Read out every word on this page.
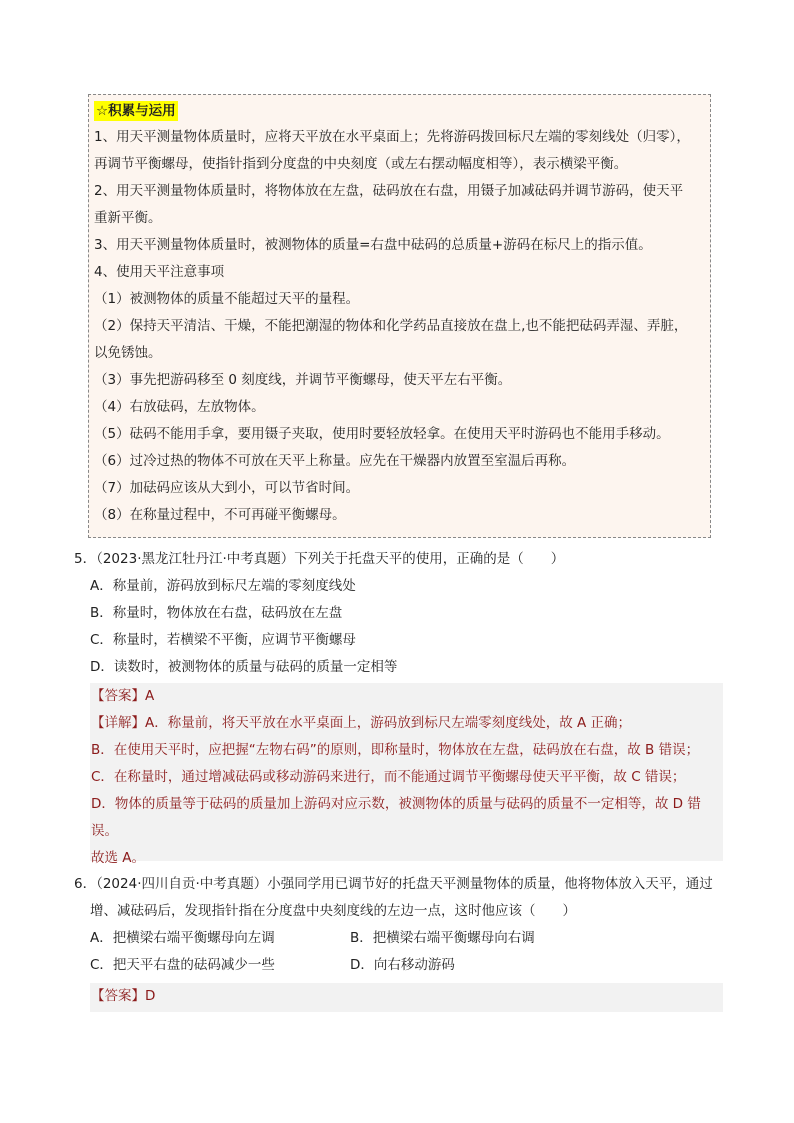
☆积累与运用
1、用天平测量物体质量时，应将天平放在水平桌面上；先将游码拨回标尺左端的零刻线处（归零），
再调节平衡螺母，使指针指到分度盘的中央刻度（或左右摆动幅度相等），表示横梁平衡。
2、用天平测量物体质量时，将物体放在左盘，砝码放在右盘，用镊子加减砝码并调节游码，使天平
重新平衡。
3、用天平测量物体质量时，被测物体的质量=右盘中砝码的总质量+游码在标尺上的指示值。
4、使用天平注意事项
（1）被测物体的质量不能超过天平的量程。
（2）保持天平清洁、干燥，不能把潮湿的物体和化学药品直接放在盘上,也不能把砝码弄湿、弄脏，
以免锈蚀。
（3）事先把游码移至 0 刻度线，并调节平衡螺母，使天平左右平衡。
（4）右放砝码，左放物体。
（5）砝码不能用手拿，要用镊子夹取，使用时要轻放轻拿。在使用天平时游码也不能用手移动。
（6）过冷过热的物体不可放在天平上称量。应先在干燥器内放置至室温后再称。
（7）加砝码应该从大到小，可以节省时间。
（8）在称量过程中，不可再碰平衡螺母。
5．（2023·黑龙江牡丹江·中考真题）下列关于托盘天平的使用，正确的是（　　）
A．称量前，游码放到标尺左端的零刻度线处
B．称量时，物体放在右盘，砝码放在左盘
C．称量时，若横梁不平衡，应调节平衡螺母
D．读数时，被测物体的质量与砝码的质量一定相等
【答案】A
【详解】A．称量前，将天平放在水平桌面上，游码放到标尺左端零刻度线处，故 A 正确；
B．在使用天平时，应把握“左物右码”的原则，即称量时，物体放在左盘，砝码放在右盘，故 B 错误；
C．在称量时，通过增减砝码或移动游码来进行，而不能通过调节平衡螺母使天平平衡，故 C 错误；
D．物体的质量等于砝码的质量加上游码对应示数，被测物体的质量与砝码的质量不一定相等，故 D 错
误。
故选 A。
6．（2024·四川自贡·中考真题）小强同学用已调节好的托盘天平测量物体的质量，他将物体放入天平，通过
增、减砝码后，发现指针指在分度盘中央刻度线的左边一点，这时他应该（　　）
A．把横梁右端平衡螺母向左调	B．把横梁右端平衡螺母向右调
C．把天平右盘的砝码减少一些	D．向右移动游码
【答案】D
